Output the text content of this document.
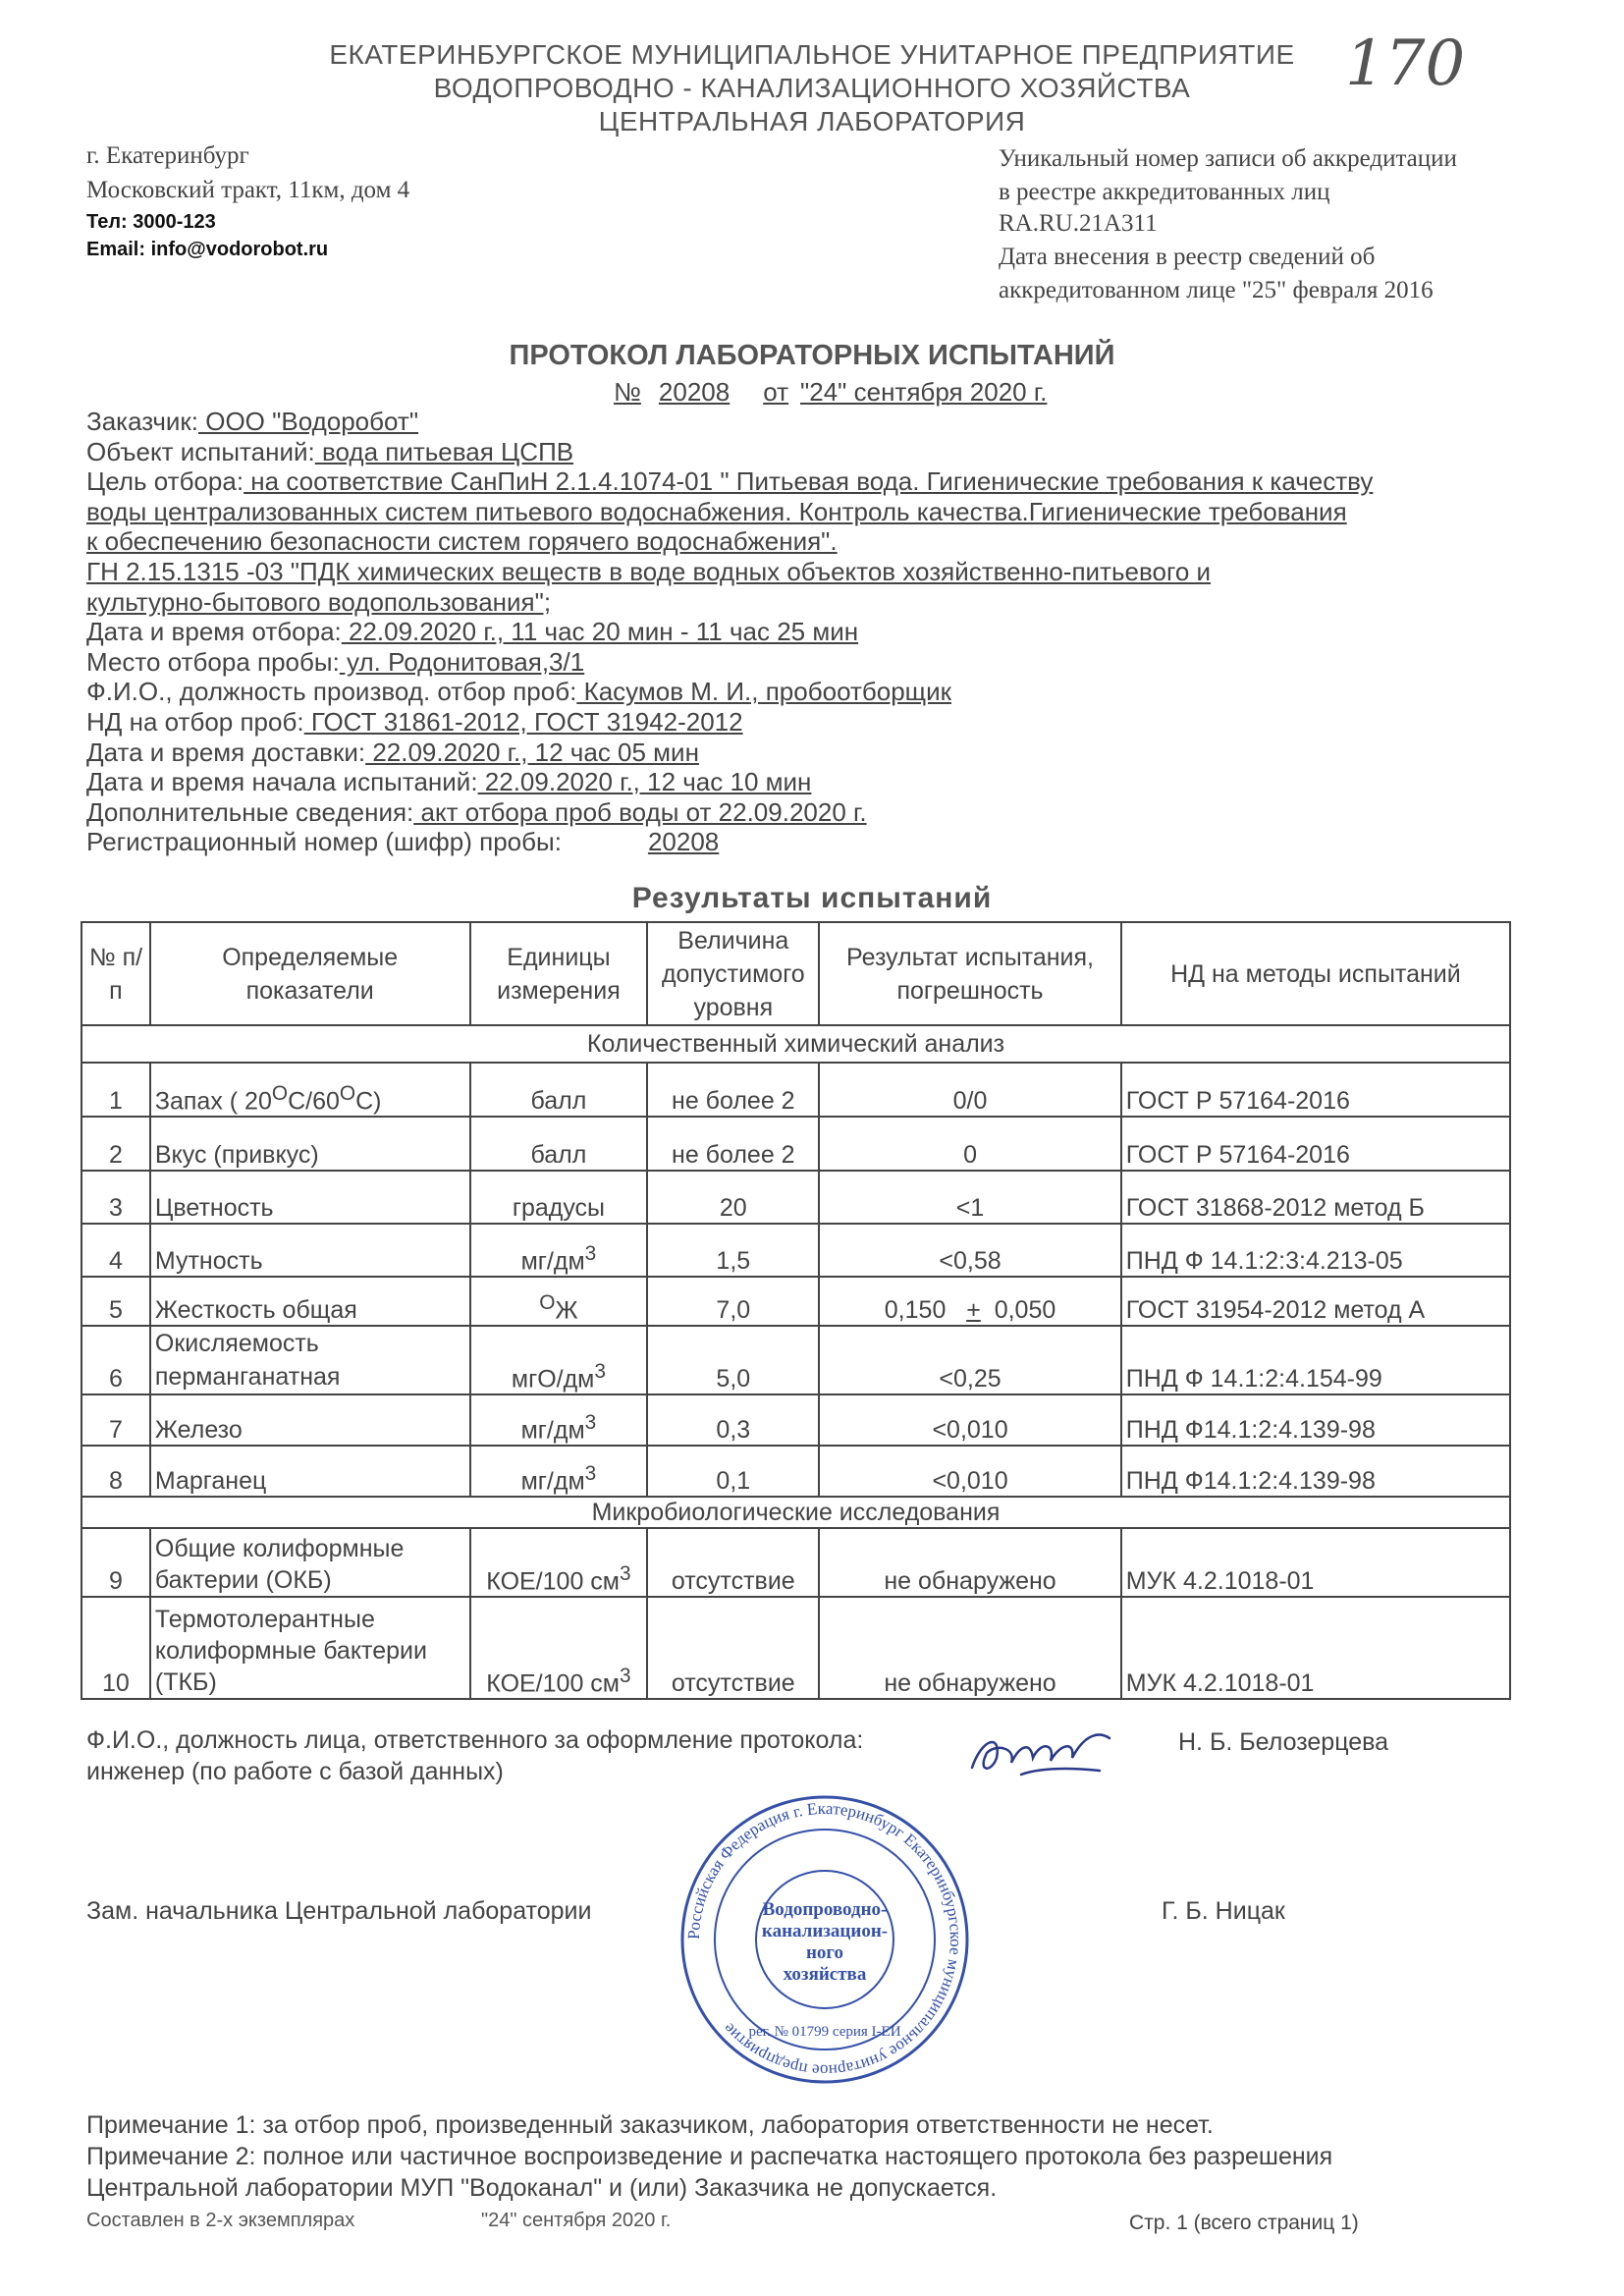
ЕКАТЕРИНБУРГСКОЕ МУНИЦИПАЛЬНОЕ УНИТАРНОЕ ПРЕДПРИЯТИЕ
ВОДОПРОВОДНО - КАНАЛИЗАЦИОННОГО ХОЗЯЙСТВА
ЦЕНТРАЛЬНАЯ ЛАБОРАТОРИЯ
170
г. Екатеринбург
Московский тракт, 11км, дом 4
Тел: 3000-123
Email: info@vodorobot.ru
Уникальный номер записи об аккредитации
в реестре аккредитованных лиц
RA.RU.21А311
Дата внесения в реестр сведений об
аккредитованном лице "25" февраля 2016
ПРОТОКОЛ ЛАБОРАТОРНЫХ ИСПЫТАНИЙ
№ 20208 от "24" сентября 2020 г.
Заказчик: ООО "Водоробот"
Объект испытаний: вода питьевая ЦСПВ
Цель отбора: на соответствие СанПиН 2.1.4.1074-01 " Питьевая вода. Гигиенические требования к качеству
воды централизованных систем питьевого водоснабжения. Контроль качества.Гигиенические требования
к обеспечению безопасности систем горячего водоснабжения".
ГН 2.15.1315 -03 "ПДК химических веществ в воде водных объектов хозяйственно-питьевого и
культурно-бытового водопользования";
Дата и время отбора: 22.09.2020 г., 11 час 20 мин - 11 час 25 мин
Место отбора пробы: ул. Родонитовая,3/1
Ф.И.О., должность производ. отбор проб: Касумов М. И., пробоотборщик
НД на отбор проб: ГОСТ 31861-2012, ГОСТ 31942-2012
Дата и время доставки: 22.09.2020 г., 12 час 05 мин
Дата и время начала испытаний: 22.09.2020 г., 12 час 10 мин
Дополнительные сведения: акт отбора проб воды от 22.09.2020 г.
Регистрационный номер (шифр) пробы:	20208
Результаты испытаний
№ п/п	Определяемые показатели	Единицы измерения	Величина допустимого уровня	Результат испытания, погрешность	НД на методы испытаний
Количественный химический анализ					
1	Запах ( $20^OC/60^OC$)	балл	не более 2	0/0	ГОСТ Р 57164-2016
2	Вкус (привкус)	балл	не более 2	0	ГОСТ Р 57164-2016
3	Цветность	градусы	20	<1	ГОСТ 31868-2012 метод Б
4	Мутность	$мг/дм^3$	1,5	<0,58	ПНД Ф 14.1:2:3:4.213-05
5	Жесткость общая	$^O$Ж	7,0	0,150 + 0,050	ГОСТ 31954-2012 метод А
6	Окисляемость
перманганатная	мгО/$дм^3$	5,0	<0,25	ПНД Ф 14.1:2:4.154-99
7	Железо	$мг/дм^3$	0,3	<0,010	ПНД Ф14.1:2:4.139-98
8	Марганец	$мг/дм^3$	0,1	<0,010	ПНД Ф14.1:2:4.139-98
Микробиологические исследования					
9	Общие колиформные
бактерии (ОКБ)	КОЕ/100 $см^3$	отсутствие	не обнаружено	МУК 4.2.1018-01
10	Термотолерантные
колиформные бактерии
(ТКБ)	КОЕ/100 $см^3$	отсутствие	не обнаружено	МУК 4.2.1018-01
Ф.И.О., должность лица, ответственного за оформление протокола:
инженер (по работе с базой данных)
Н. Б. Белозерцева
Зам. начальника Центральной лаборатории	Г. Б. Ницак
Российская Федерация г. Екатеринбург Екатеринбургское муниципальное унитарное предприятие
Водопроводно-
канализацион-
ного
хозяйства
рег. № 01799 серия I-ЕИ
Примечание 1: за отбор проб, произведенный заказчиком, лаборатория ответственности не несет.
Примечание 2: полное или частичное воспроизведение и распечатка настоящего протокола без разрешения
Центральной лаборатории МУП "Водоканал" и (или) Заказчика не допускается.
Составлен в 2-х экземплярах	"24" сентября 2020 г.	Стр. 1 (всего страниц 1)
